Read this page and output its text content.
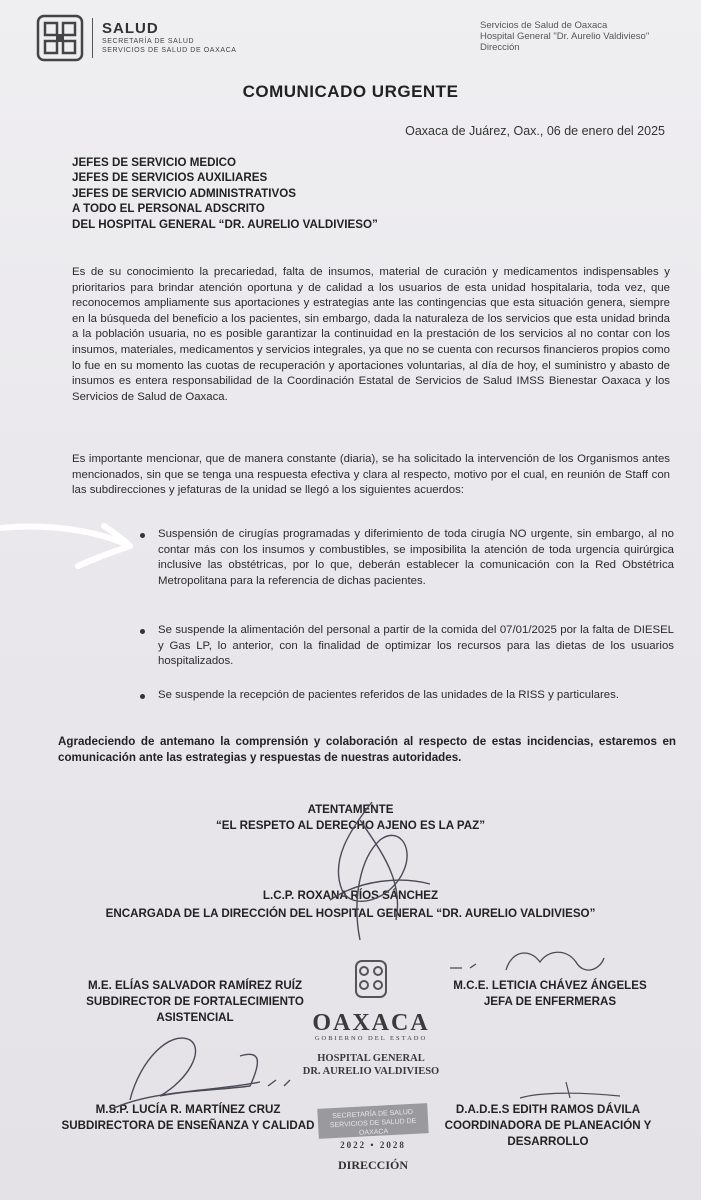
SALUD
SECRETARÍA DE SALUD
SERVICIOS DE SALUD DE OAXACA
Servicios de Salud de Oaxaca
Hospital General "Dr. Aurelio Valdivieso"
Dirección
COMUNICADO URGENTE
Oaxaca de Juárez, Oax., 06 de enero del 2025
JEFES DE SERVICIO MEDICO
JEFES DE SERVICIOS AUXILIARES
JEFES DE SERVICIO ADMINISTRATIVOS
A TODO EL PERSONAL ADSCRITO
DEL HOSPITAL GENERAL “DR. AURELIO VALDIVIESO”
Es de su conocimiento la precariedad, falta de insumos, material de curación y medicamentos indispensables y prioritarios para brindar atención oportuna y de calidad a los usuarios de esta unidad hospitalaria, toda vez, que reconocemos ampliamente sus aportaciones y estrategias ante las contingencias que esta situación genera, siempre en la búsqueda del beneficio a los pacientes, sin embargo, dada la naturaleza de los servicios que esta unidad brinda a la población usuaria, no es posible garantizar la continuidad en la prestación de los servicios al no contar con los insumos, materiales, medicamentos y servicios integrales, ya que no se cuenta con recursos financieros propios como lo fue en su momento las cuotas de recuperación y aportaciones voluntarias, al día de hoy, el suministro y abasto de insumos es entera responsabilidad de la Coordinación Estatal de Servicios de Salud IMSS Bienestar Oaxaca y los Servicios de Salud de Oaxaca.
Es importante mencionar, que de manera constante (diaria), se ha solicitado la intervención de los Organismos antes mencionados, sin que se tenga una respuesta efectiva y clara al respecto, motivo por el cual, en reunión de Staff con las subdirecciones y jefaturas de la unidad se llegó a los siguientes acuerdos:
Suspensión de cirugías programadas y diferimiento de toda cirugía NO urgente, sin embargo, al no contar más con los insumos y combustibles, se imposibilita la atención de toda urgencia quirúrgica inclusive las obstétricas, por lo que, deberán establecer la comunicación con la Red Obstétrica Metropolitana para la referencia de dichas pacientes.
Se suspende la alimentación del personal a partir de la comida del 07/01/2025 por la falta de DIESEL y Gas LP, lo anterior, con la finalidad de optimizar los recursos para las dietas de los usuarios hospitalizados.
Se suspende la recepción de pacientes referidos de las unidades de la RISS y particulares.
Agradeciendo de antemano la comprensión y colaboración al respecto de estas incidencias, estaremos en comunicación ante las estrategias y respuestas de nuestras autoridades.
ATENTAMENTE
“EL RESPETO AL DERECHO AJENO ES LA PAZ”
L.C.P. ROXANA RÍOS SÁNCHEZ
ENCARGADA DE LA DIRECCIÓN DEL HOSPITAL GENERAL “DR. AURELIO VALDIVIESO”
M.E. ELÍAS SALVADOR RAMÍREZ RUÍZ
SUBDIRECTOR DE FORTALECIMIENTO
ASISTENCIAL
M.C.E. LETICIA CHÁVEZ ÁNGELES
JEFA DE ENFERMERAS
M.S.P. LUCÍA R. MARTÍNEZ CRUZ
SUBDIRECTORA DE ENSEÑANZA Y CALIDAD
D.A.D.E.S EDITH RAMOS DÁVILA
COORDINADORA DE PLANEACIÓN Y
DESARROLLO
OAXACA
GOBIERNO DEL ESTADO
HOSPITAL GENERAL
DR. AURELIO VALDIVIESO
SECRETARÍA DE SALUD
SERVICIOS DE SALUD DE OAXACA
2022 • 2028
DIRECCIÓN
